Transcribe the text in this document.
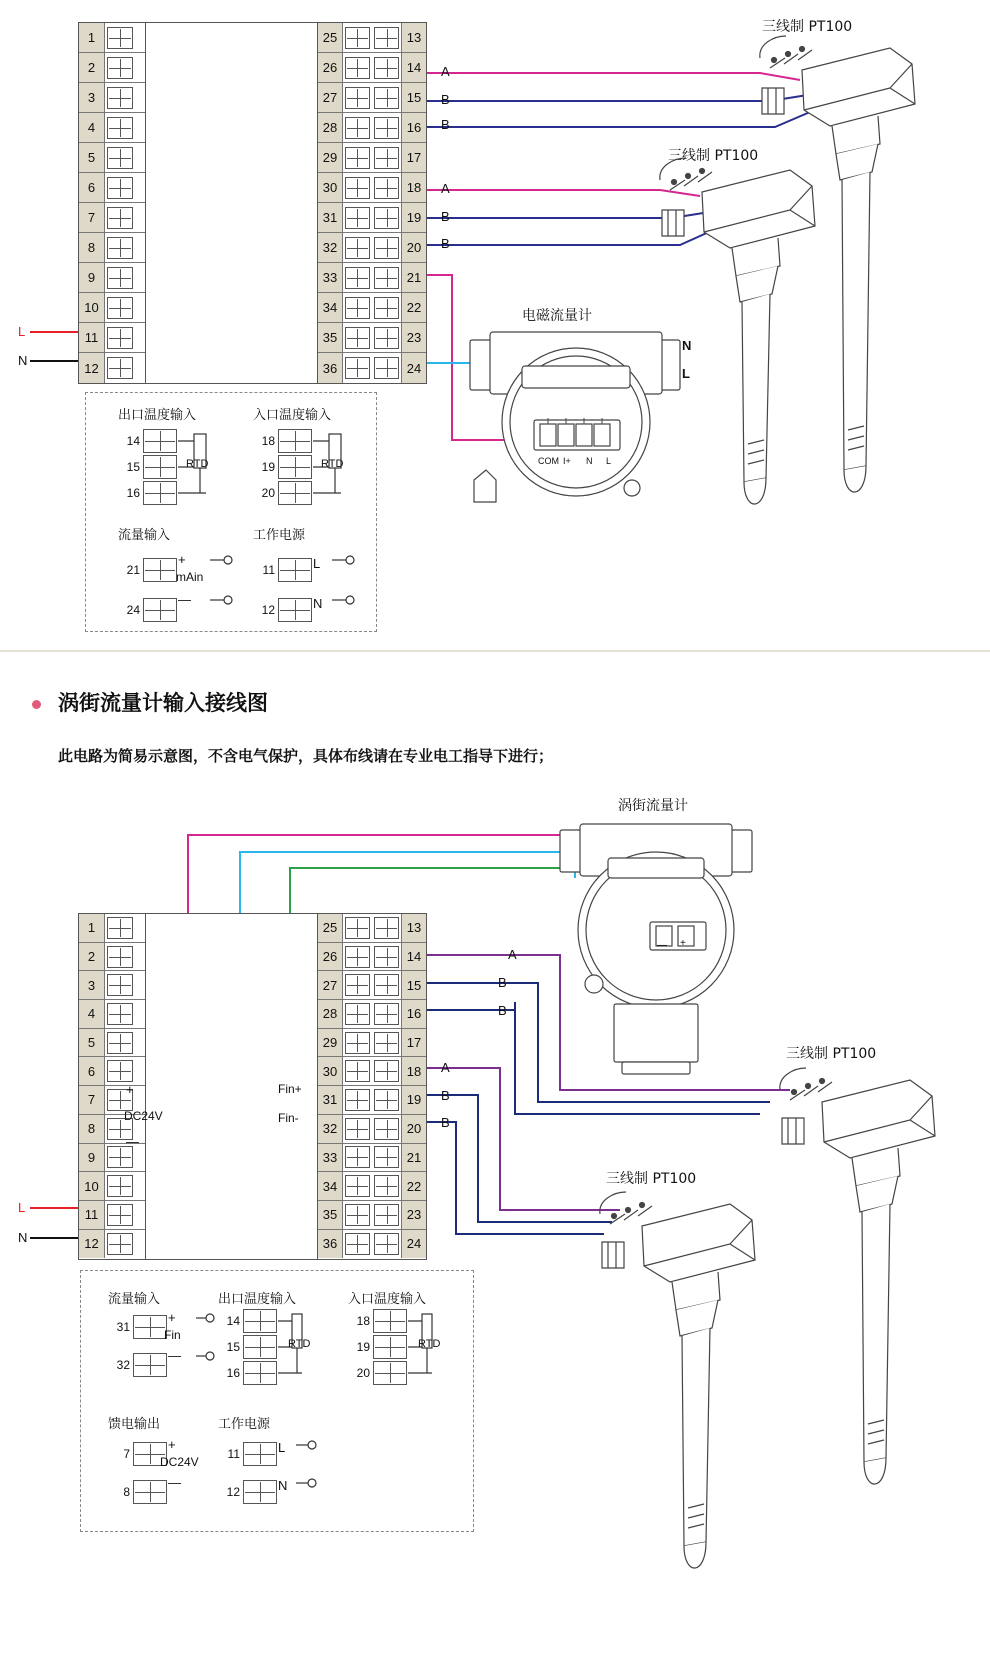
1
2
3
4
5
6
7
8
9
10
11
12
25	13
26	14
27	15
28	16
29	17
30	18
31	19
32	20
33	21
34	22
35	23
36	24
L
N
A
B
B
A
B
B
三线制 PT100
三线制 PT100
电磁流量计
COM I+ N L
N
L
出口温度输入	入口温度输入
流量输入	工作电源
14
15
16
RTD
18
19
20
RTD
21
24
+
—
mAin	11
12
L
N
涡街流量计输入接线图
此电路为简易示意图，不含电气保护，具体布线请在专业电工指导下进行；
1
2
3
4
5
6
7
8
9
10
11
12
25	13
26	14
27	15
28	16
29	17
30	18
31	19
32	20
33	21
34	22
35	23
36	24
+
DC24V
—
Fin+
Fin-
L
N
A
B
B
A
B
B
涡街流量计
— +
三线制 PT100
三线制 PT100
流量输入	出口温度输入	入口温度输入
馈电输出	工作电源
31
32
+
—
Fin
14
15
16
RTD
18
19
20
RTD
7
8
+
—
DC24V
11
12
L
N
